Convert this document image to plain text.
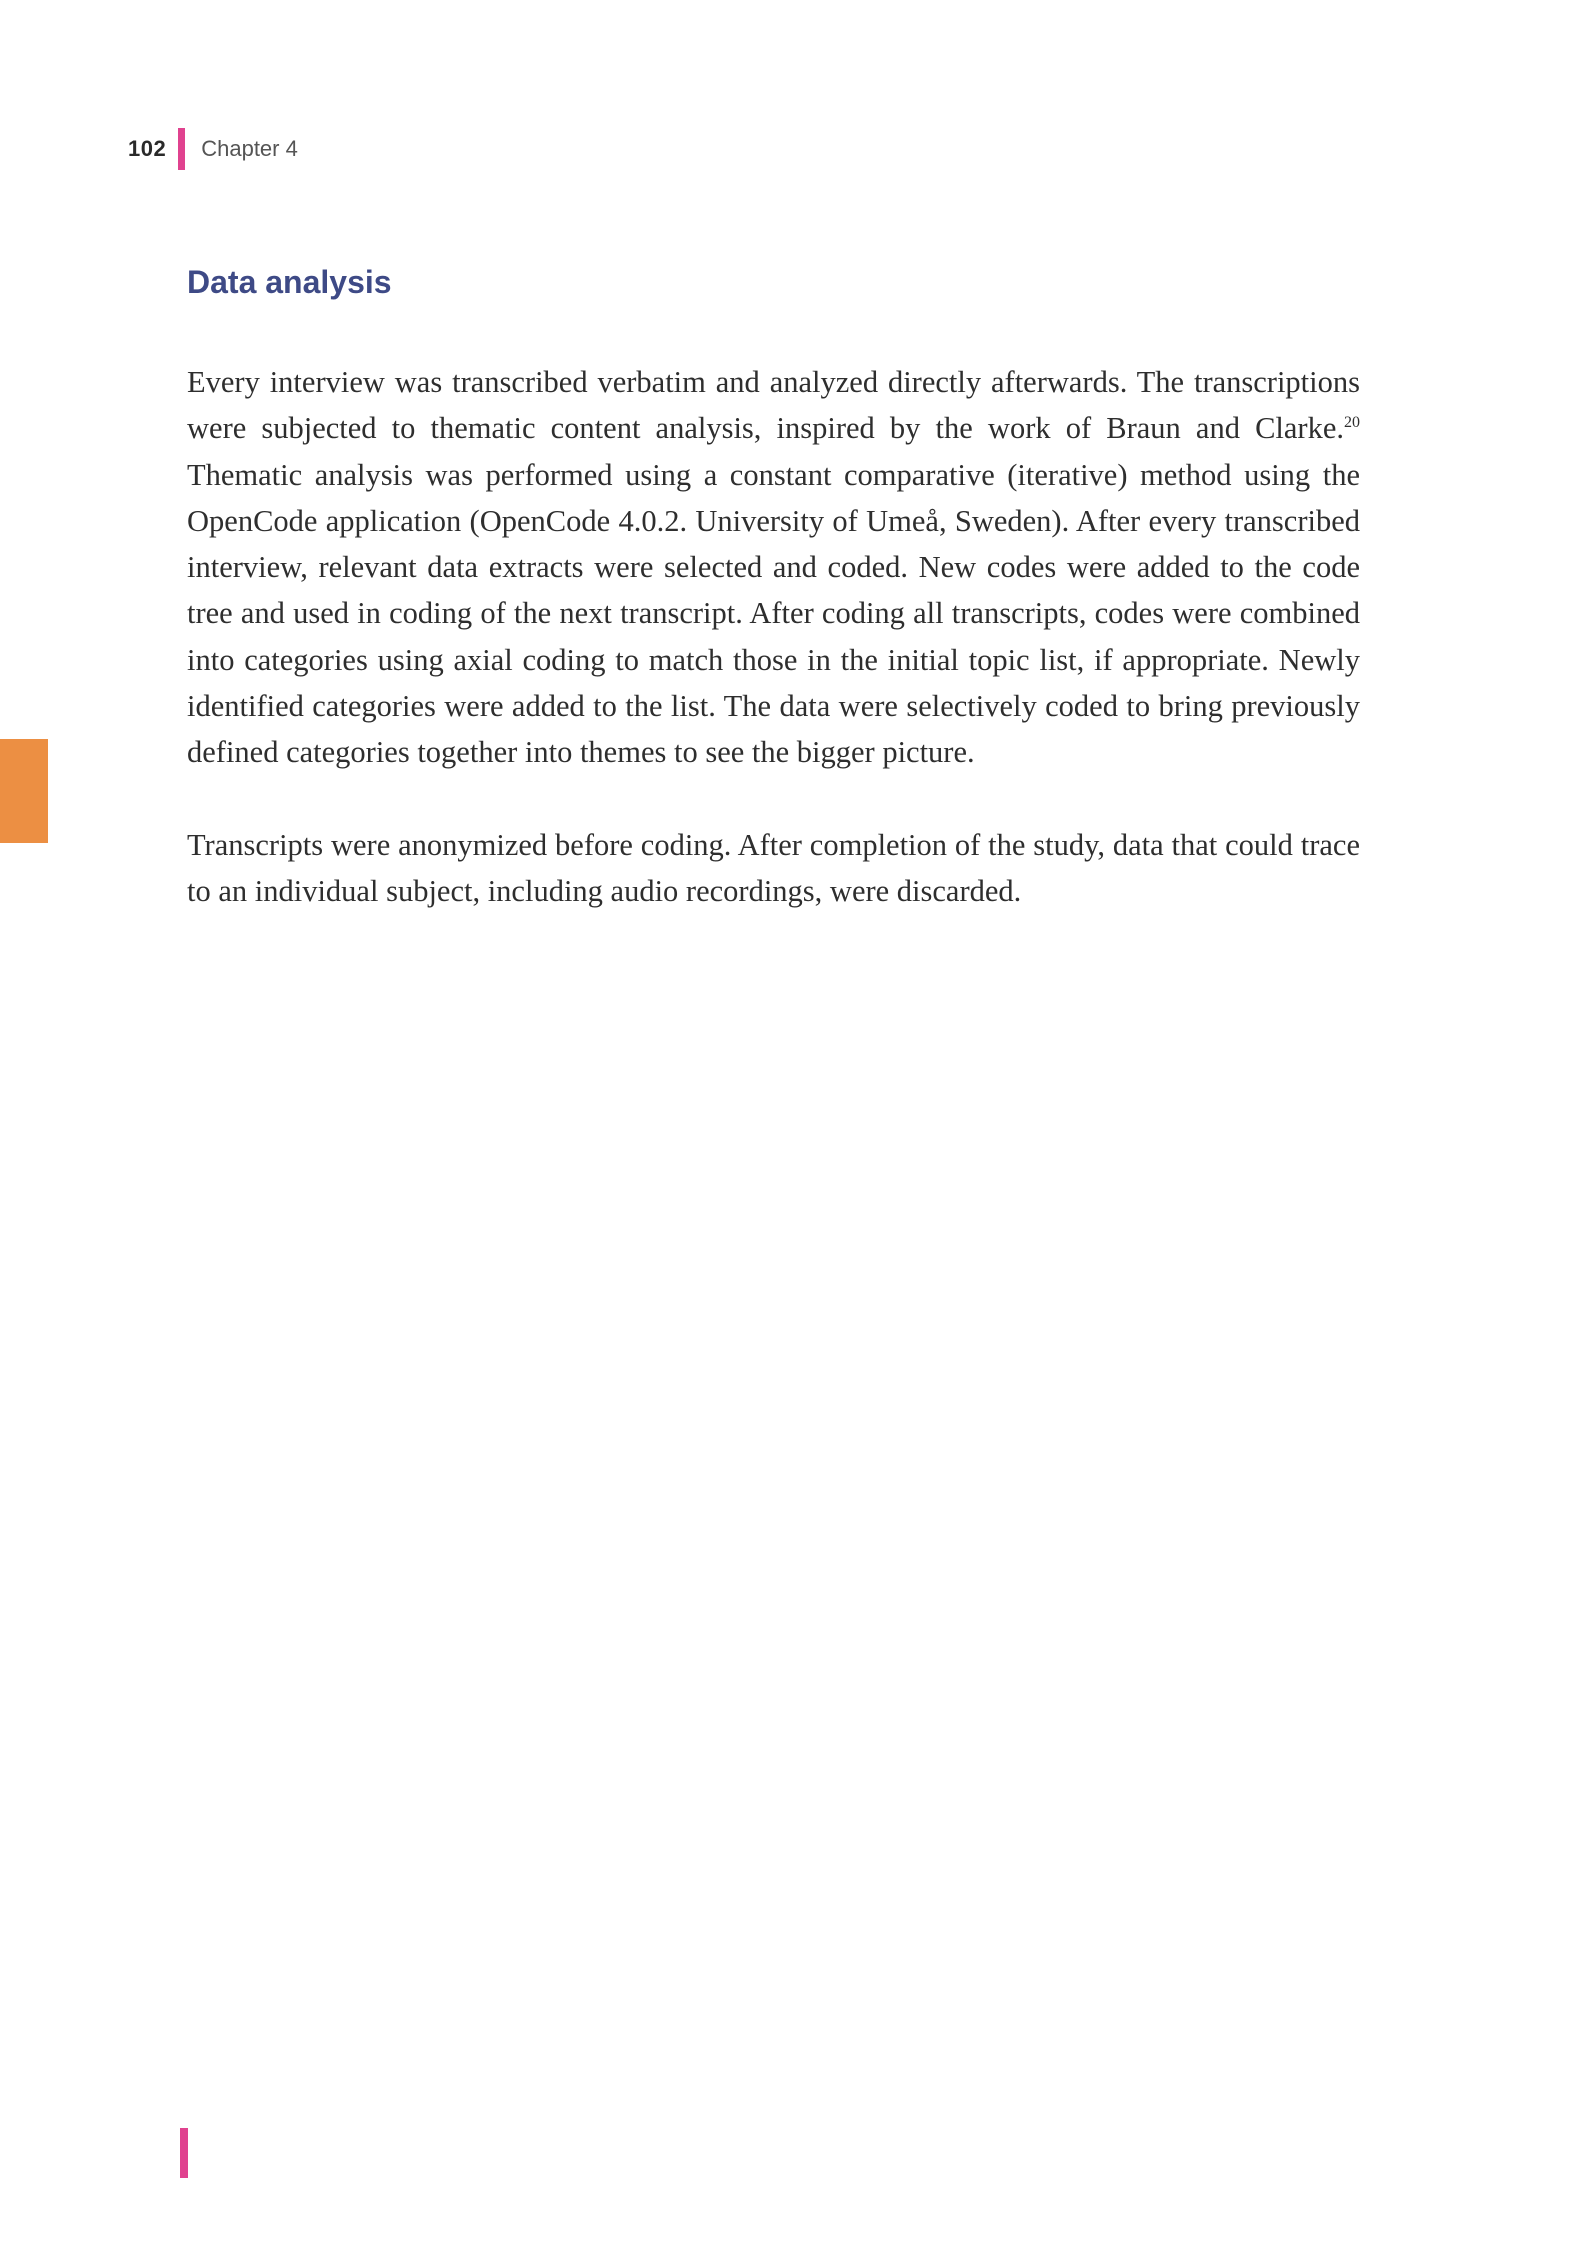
102 Chapter 4
Data analysis

Every interview was transcribed verbatim and analyzed directly afterwards. The transcriptions were subjected to thematic content analysis, inspired by the work of Braun and Clarke.$^{20}$ Thematic analysis was performed using a constant comparative (iterative) method using the OpenCode application (OpenCode 4.0.2. University of Umeå, Sweden). After every transcribed interview, relevant data extracts were selected and coded. New codes were added to the code tree and used in coding of the next transcript. After coding all transcripts, codes were combined into categories using axial coding to match those in the initial topic list, if appropriate. Newly identified categories were added to the list. The data were selectively coded to bring previously defined categories together into themes to see the bigger picture.

Transcripts were anonymized before coding. After completion of the study, data that could trace to an individual subject, including audio recordings, were discarded.
